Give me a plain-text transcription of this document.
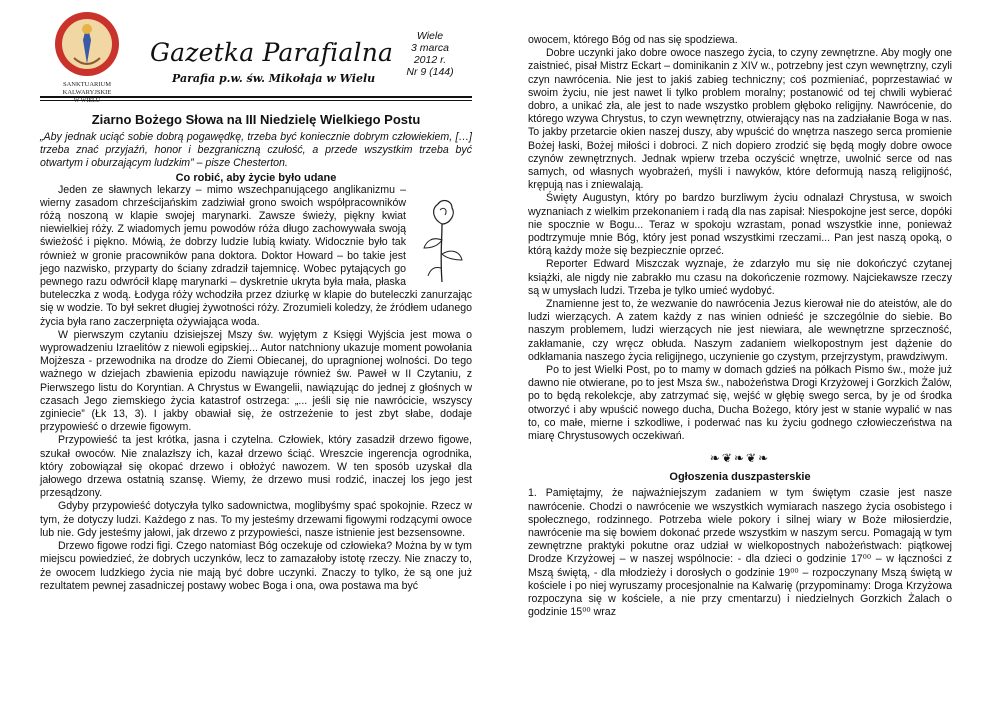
SANKTUARIUM
KALWARYJSKIE
W WIELU
Gazetka Parafialna
Parafia p.w. św. Mikołaja w Wielu
Wiele
3 marca
2012 r.
Nr 9 (144)
Ziarno Bożego Słowa na III Niedzielę Wielkiego Postu

„Aby jednak uciąć sobie dobrą pogawędkę, trzeba być koniecznie dobrym człowiekiem, […] trzeba znać przyjaźń, honor i bezgraniczną czułość, a przede wszystkim trzeba być otwartym i oburzającym ludzkim” – pisze Chesterton.

Co robić, aby życie było udane

Jeden ze sławnych lekarzy – mimo wszechpanującego anglikanizmu – wierny zasadom chrześcijańskim zadziwiał grono swoich współpracowników różą noszoną w klapie swojej marynarki. Zawsze świeży, piękny kwiat niewielkiej róży. Z wiadomych jemu powodów róża długo zachowywała swoją świeżość i piękno. Mówią, że dobrzy ludzie lubią kwiaty. Widocznie było tak również w gronie pracowników pana doktora. Doktor Howard – bo takie jest jego nazwisko, przyparty do ściany zdradził tajemnicę. Wobec pytających go pewnego razu odwrócił klapę marynarki – dyskretnie ukryta była mała, płaska buteleczka z wodą. Łodyga róży wchodziła przez dziurkę w klapie do buteleczki zanurzając się w wodzie. To był sekret długiej żywotności róży. Zrozumieli koledzy, że źródłem udanego życia była rano zaczerpnięta ożywiająca woda.

W pierwszym czytaniu dzisiejszej Mszy św. wyjętym z Księgi Wyjścia jest mowa o wyprowadzeniu Izraelitów z niewoli egipskiej... Autor natchniony ukazuje moment powołania Mojżesza - przewodnika na drodze do Ziemi Obiecanej, do upragnionej wolności. Do tego ważnego w dziejach zbawienia epizodu nawiązuje również św. Paweł w II Czytaniu, z Pierwszego listu do Koryntian. A Chrystus w Ewangelii, nawiązując do jednej z głośnych w czasach Jego ziemskiego życia katastrof ostrzega: „... jeśli się nie nawrócicie, wszyscy zginiecie” (Łk 13, 3). I jakby obawiał się, że ostrzeżenie to jest zbyt słabe, dodaje przypowieść o drzewie figowym.

Przypowieść ta jest krótka, jasna i czytelna. Człowiek, który zasadził drzewo figowe, szukał owoców. Nie znalazłszy ich, kazał drzewo ściąć. Wreszcie ingerencja ogrodnika, który zobowiązał się okopać drzewo i obłożyć nawozem. W ten sposób uzyskał dla jałowego drzewa ostatnią szansę. Wiemy, że drzewo musi rodzić, inaczej los jego jest przesądzony.

Gdyby przypowieść dotyczyła tylko sadownictwa, moglibyśmy spać spokojnie. Rzecz w tym, że dotyczy ludzi. Każdego z nas. To my jesteśmy drzewami figowymi rodzącymi owoce lub nie. Gdy jesteśmy jałowi, jak drzewo z przypowieści, nasze istnienie jest bezsensowne.

Drzewo figowe rodzi figi. Czego natomiast Bóg oczekuje od człowieka? Można by w tym miejscu powiedzieć, że dobrych uczynków, lecz to zamazałoby istotę rzeczy. Nie znaczy to, że owocem ludzkiego życia nie mają być dobre uczynki. Znaczy to tylko, że są one już rezultatem pewnej zasadniczej postawy wobec Boga i ona, owa postawa ma być

owocem, którego Bóg od nas się spodziewa.

Dobre uczynki jako dobre owoce naszego życia, to czyny zewnętrzne. Aby mogły one zaistnieć, pisał Mistrz Eckart – dominikanin z XIV w., potrzebny jest czyn wewnętrzny, czyli czyn nawrócenia. Nie jest to jakiś zabieg techniczny; coś pozmieniać, poprzestawiać w swoim życiu, nie jest nawet li tylko problem moralny; postanowić od tej chwili wybierać dobro, a unikać zła, ale jest to nade wszystko problem głęboko religijny. Nawrócenie, do którego wzywa Chrystus, to czyn wewnętrzny, otwierający nas na zadziałanie Boga w nas. To jakby przetarcie okien naszej duszy, aby wpuścić do wnętrza naszego serca promienie Bożej łaski, Bożej miłości i dobroci. Z nich dopiero zrodzić się będą mogły dobre owoce czynów zewnętrznych. Jednak wpierw trzeba oczyścić wnętrze, uwolnić serce od nas samych, od własnych wyobrażeń, myśli i nawyków, które deformują naszą religijność, krępują nas i zniewalają.

Święty Augustyn, który po bardzo burzliwym życiu odnalazł Chrystusa, w swoich wyznaniach z wielkim przekonaniem i radą dla nas zapisał: Niespokojne jest serce, dopóki nie spocznie w Bogu... Teraz w spokoju wzrastam, ponad wszystkie inne, ponieważ podtrzymuje mnie Bóg, który jest ponad wszystkimi rzeczami... Pan jest naszą opoką, o którą każdy może się bezpiecznie oprzeć.

Reporter Edward Miszczak wyznaje, że zdarzyło mu się nie dokończyć czytanej książki, ale nigdy nie zabrakło mu czasu na dokończenie rozmowy. Najciekawsze rzeczy są w umysłach ludzi. Trzeba je tylko umieć wydobyć.

Znamienne jest to, że wezwanie do nawrócenia Jezus kierował nie do ateistów, ale do ludzi wierzących. A zatem każdy z nas winien odnieść je szczególnie do siebie. Bo naszym problemem, ludzi wierzących nie jest niewiara, ale wewnętrzne sprzeczność, zakłamanie, czy wręcz obłuda. Naszym zadaniem wielkopostnym jest dążenie do odkłamania naszego życia religijnego, uczynienie go czystym, przejrzystym, prawdziwym.

Po to jest Wielki Post, po to mamy w domach gdzieś na półkach Pismo św., może już dawno nie otwierane, po to jest Msza św., nabożeństwa Drogi Krzyżowej i Gorzkich Żalów, po to będą rekolekcje, aby zatrzymać się, wejść w głębię swego serca, by je od środka otworzyć i aby wpuścić nowego ducha, Ducha Bożego, który jest w stanie wypalić w nas to, co małe, mierne i szkodliwe, i poderwać nas ku życiu godnego człowieczeństwa na miarę Chrystusowych oczekiwań.

❧❦❧❦❧
Ogłoszenia duszpasterskie

1. Pamiętajmy, że najważniejszym zadaniem w tym świętym czasie jest nasze nawrócenie. Chodzi o nawrócenie we wszystkich wymiarach naszego życia osobistego i społecznego, rodzinnego. Potrzeba wiele pokory i silnej wiary w Boże miłosierdzie, nawrócenie ma się bowiem dokonać przede wszystkim w naszym sercu. Pomagają w tym zewnętrzne praktyki pokutne oraz udział w wielkopostnych nabożeństwach: piątkowej Drodze Krzyżowej – w naszej wspólnocie: - dla dzieci o godzinie 17⁰⁰ – w łączności z Mszą świętą, - dla młodzieży i dorosłych o godzinie 19⁰⁰ – rozpoczynany Mszą świętą w kościele i po niej wyruszamy procesjonalnie na Kalwarię (przypominamy: Droga Krzyżowa rozpoczyna się w kościele, a nie przy cmentarzu) i niedzielnych Gorzkich Żalach o godzinie 15⁰⁰ wraz
